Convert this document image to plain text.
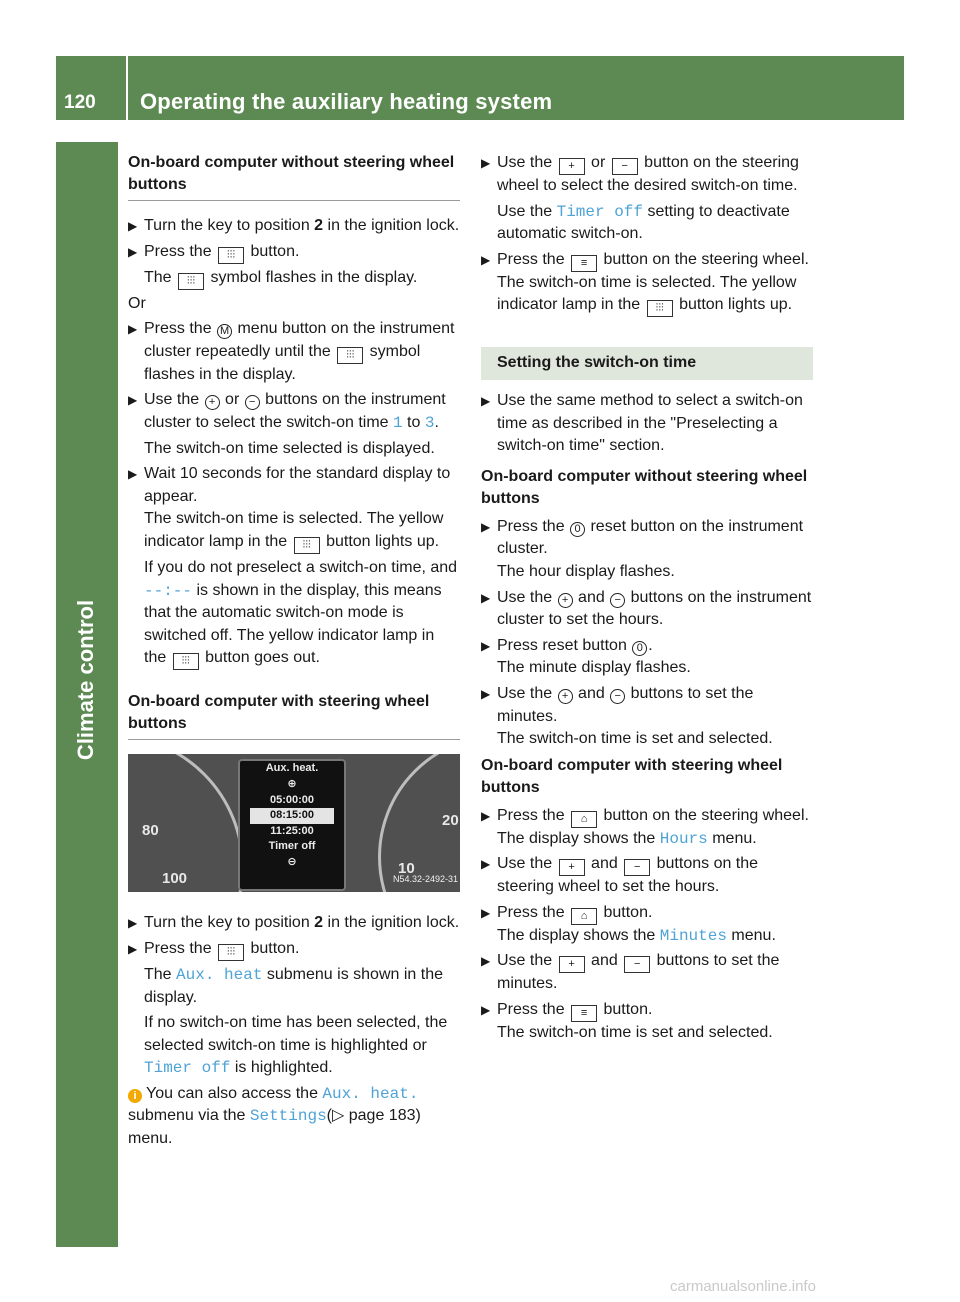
120 Operating the auxiliary heating system
Climate control
On-board computer without steering wheel buttons
▶ Turn the key to position 2 in the ignition lock.
▶ Press the ⫶⫶⫶ button.
The ⫶⫶⫶ symbol flashes in the display.
Or
▶ Press the M menu button on the instrument cluster repeatedly until the ⫶⫶⫶ symbol flashes in the display.
▶ Use the + or − buttons on the instrument cluster to select the switch-on time 1 to 3.
The switch-on time selected is displayed.
▶ Wait 10 seconds for the standard display to appear.
The switch-on time is selected. The yellow indicator lamp in the ⫶⫶⫶ button lights up.
If you do not preselect a switch-on time, and --:-- is shown in the display, this means that the automatic switch-on mode is switched off. The yellow indicator lamp in the ⫶⫶⫶ button goes out.
On-board computer with steering wheel buttons
80
100
20
10
Aux. heat.
⊕
05:00:00
08:15:00
11:25:00
Timer off
⊖
N54.32-2492-31
▶ Turn the key to position 2 in the ignition lock.
▶ Press the ⫶⫶⫶ button.
The Aux. heat submenu is shown in the display.
If no switch-on time has been selected, the selected switch-on time is highlighted or Timer off is highlighted.
i You can also access the Aux. heat. submenu via the Settings(▷ page 183) menu.
▶ Use the + or − button on the steering wheel to select the desired switch-on time.
Use the Timer off setting to deactivate automatic switch-on.
▶ Press the ≡ button on the steering wheel.
The switch-on time is selected. The yellow indicator lamp in the ⫶⫶⫶ button lights up.
Setting the switch-on time
▶ Use the same method to select a switch-on time as described in the "Preselecting a switch-on time" section.
On-board computer without steering wheel buttons
▶ Press the 0 reset button on the instrument cluster.
The hour display flashes.
▶ Use the + and − buttons on the instrument cluster to set the hours.
▶ Press reset button 0 .
The minute display flashes.
▶ Use the + and − buttons to set the minutes.
The switch-on time is set and selected.
On-board computer with steering wheel buttons
▶ Press the ⌂ button on the steering wheel.
The display shows the Hours menu.
▶ Use the + and − buttons on the steering wheel to set the hours.
▶ Press the ⌂ button.
The display shows the Minutes menu.
▶ Use the + and − buttons to set the minutes.
▶ Press the ≡ button.
The switch-on time is set and selected.
carmanualsonline.info
